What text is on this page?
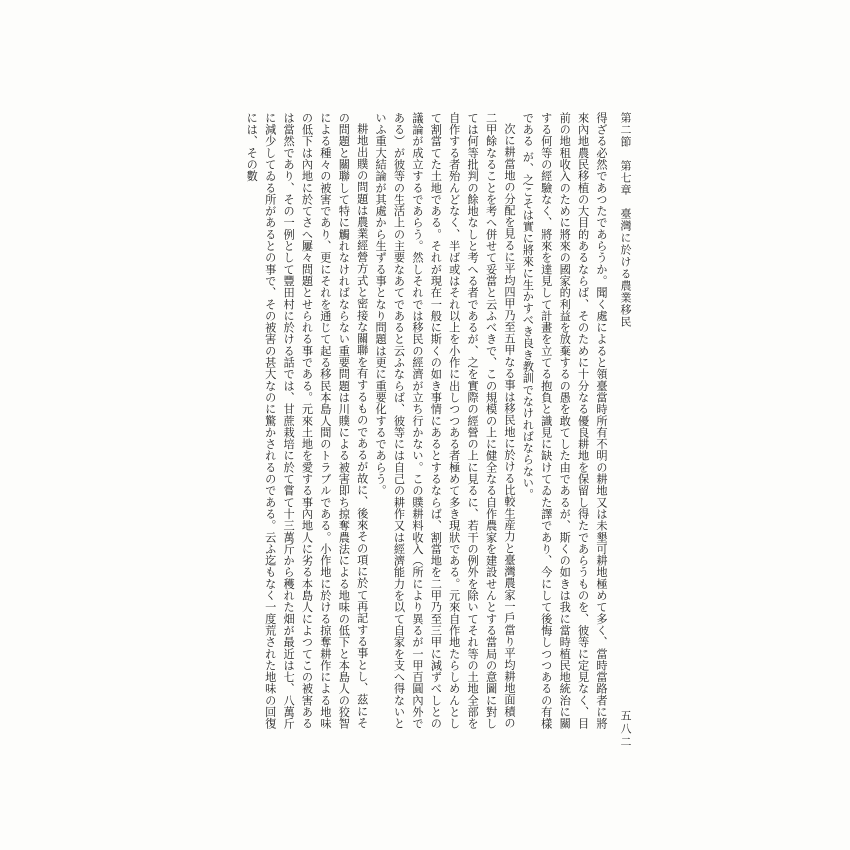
第二節　第七章　臺灣に於ける農業移民
五八二

得ざる必然であつたであらうか。聞く處によると領臺當時所有不明の耕地又は未墾可耕地極めて多く、當時當路者に將來內地農民移植の大目的あるならば、そのために十分なる優良耕地を保留し得たであらうものを、彼等に定見なく、目前の地租收入のために將來の國家的利益を放棄するの愚を敢てした由であるが、斯くの如きは我に當時植民地統治に關する何等の經驗なく、將來を達見して計畫を立てる抱負と識見に缺けてゐた譯であり、今にして後悔しつつあるの有樣である が、之こそは實に將來に生かすべき良き教訓でなければならない。

次に耕當地の分配を見るに平均四甲乃至五甲なる事は移民地に於ける比較生産力と臺灣農家一戶當り平均耕地面積の二甲餘なることを考へ併せて妥當と云ふべきで、この規模の上に健全なる自作農家を建設せんとする當局の意圖に對しては何等批判の餘地なしと考へる者であるが、之を實際の經營の上に見るに、若干の例外を除いてそれ等の土地全部を自作する者殆んどなく、半ば或はそれ以上を小作に出しつつある者極めて多き現狀である。元來自作地たらしめんとして割當てた土地である。それが現在一般に斯くの如き事情にあるとするならば、割當地を二甲乃至三甲に減ずべしとの議論が成立するであらう。然しそれでは移民の經濟が立ち行かない。この贌耕料收入（所により異るが一甲百圓內外である）が彼等の生活上の主要なあてであると云ふならば、彼等には自己の耕作又は經濟能力を以て自家を支へ得ないといふ重大結論が其處から生ずる事となり問題は更に重要化するであらう。

耕地出贌の問題は農業經營方式と密接な關聯を有するものであるが故に、後來その項に於て再記する事とし、茲にその問題と關聯して特に觸れなければならない重要問題は川贌による被害即ち掠奪農法による地味の低下と本島人の狡智による種々の被害であり、更にそれを通じて起る移民本島人間のトラブルである。小作地に於ける掠奪耕作による地味の低下は內地に於てさへ屢々問題とせられる事である。元來土地を愛する事內地人に劣る本島人によつてこの被害あるは當然であり、その一例として豐田村に於ける話では、甘蔗栽培に於て嘗て十三萬斤から穫れた畑が最近は七、八萬斤に減少してゐる所があるとの事で、その被害の甚大なのに驚かされるのである。云ふ迄もなく一度荒された地味の回復には、その數
